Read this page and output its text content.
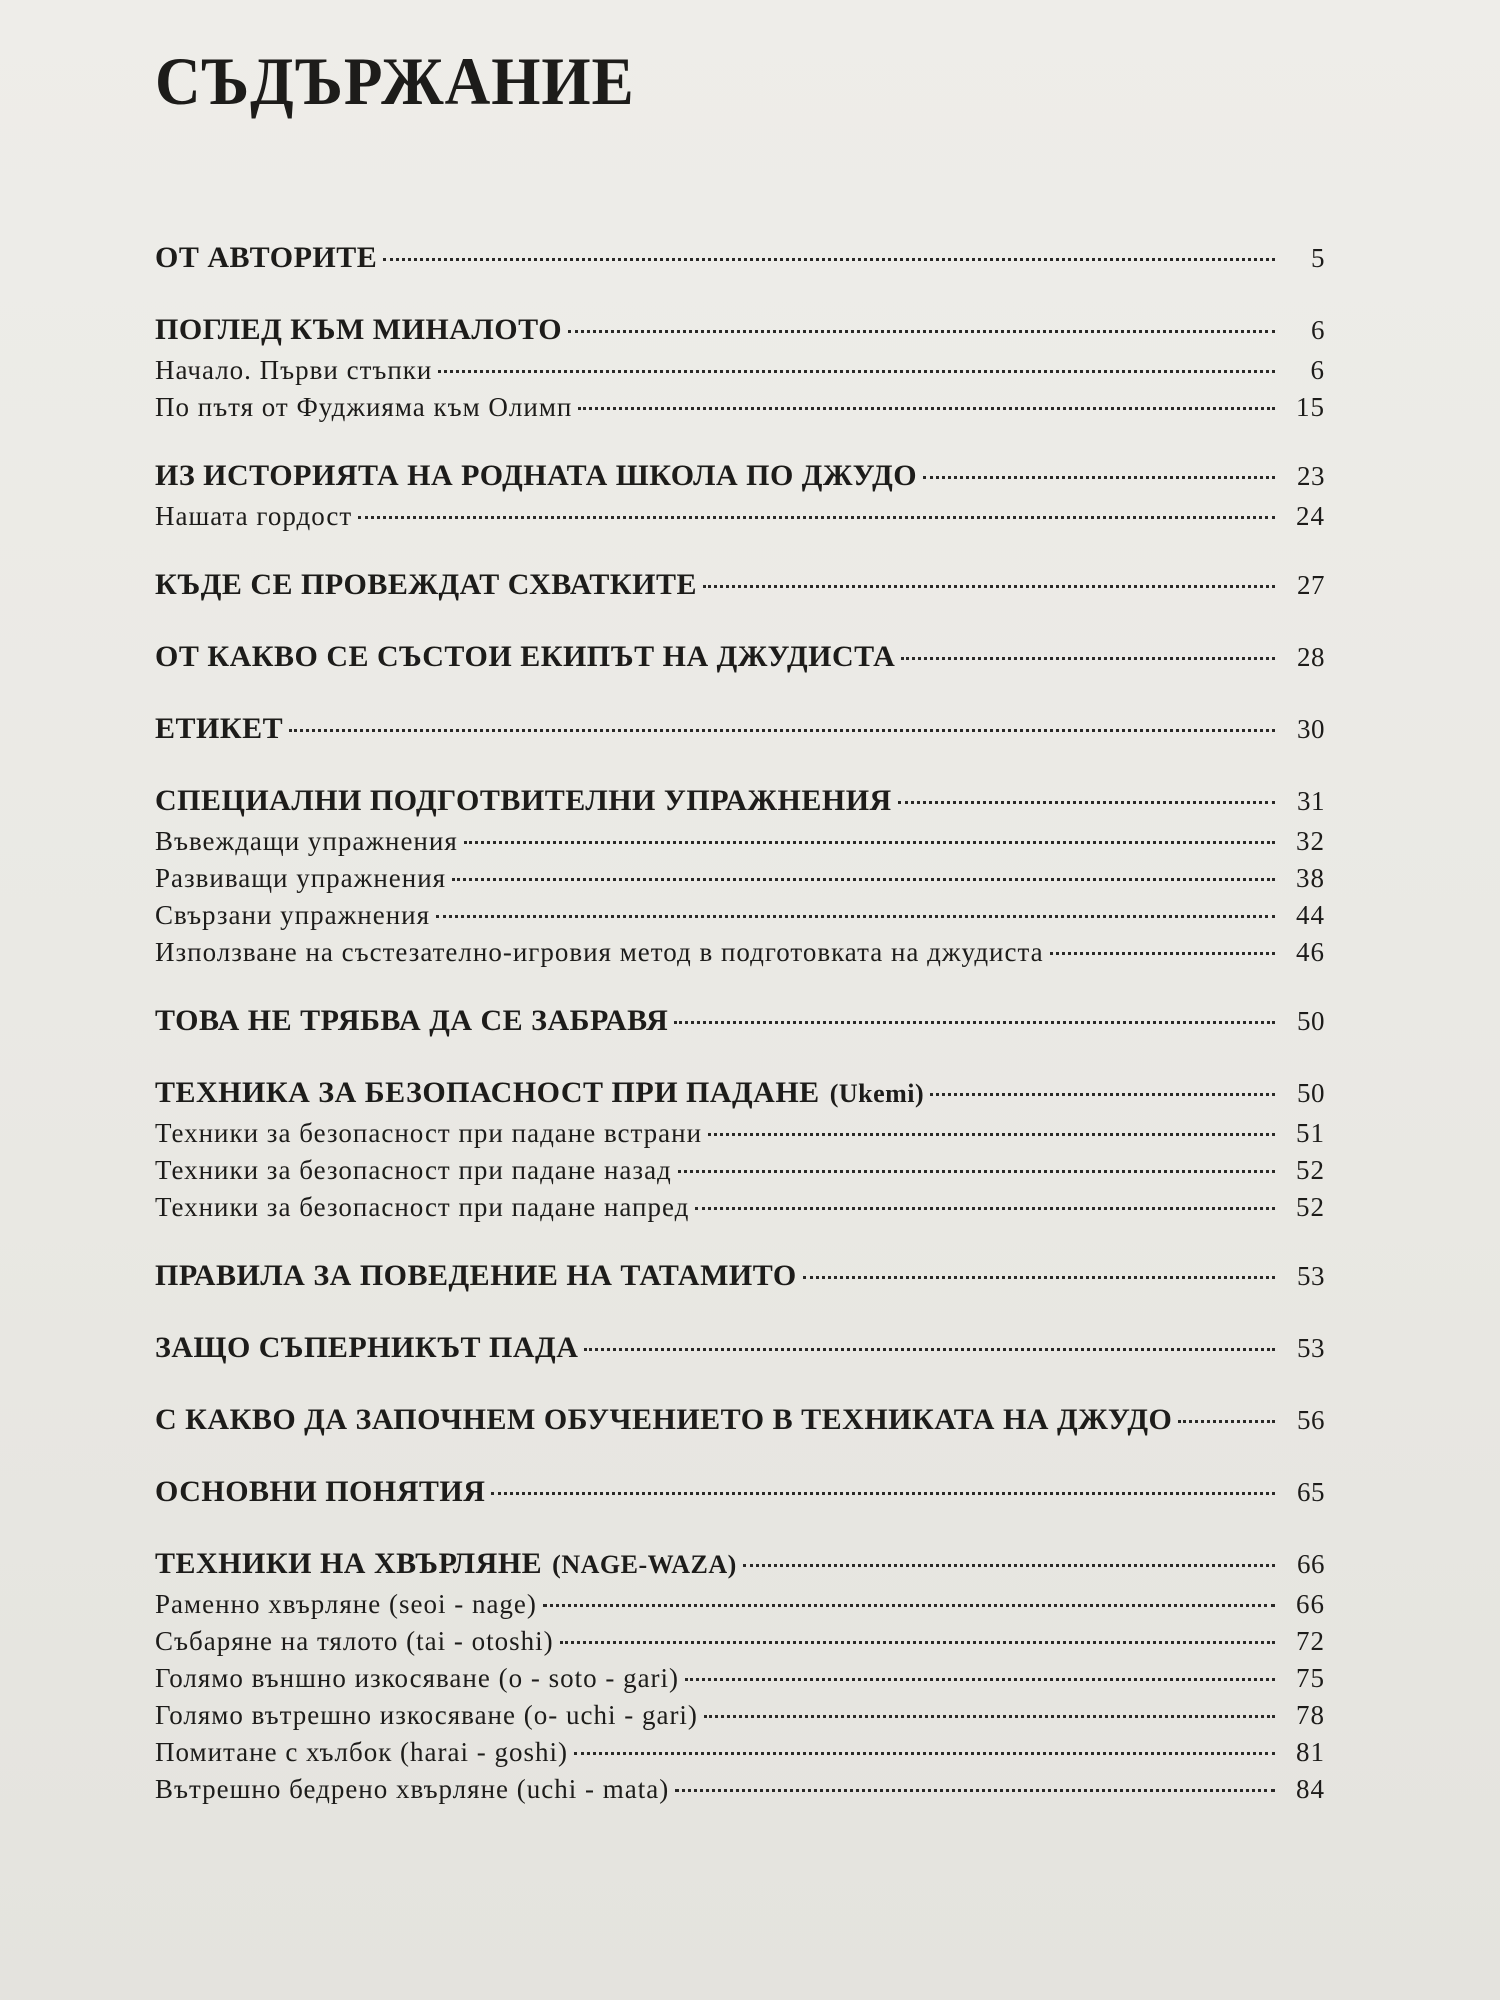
СЪДЪРЖАНИЕ
ОТ АВТОРИТЕ	5
ПОГЛЕД КЪМ МИНАЛОТО	6
Начало. Първи стъпки	6
По пътя от Фуджияма към Олимп	15
ИЗ ИСТОРИЯТА НА РОДНАТА ШКОЛА ПО ДЖУДО	23
Нашата гордост	24
КЪДЕ СЕ ПРОВЕЖДАТ СХВАТКИТЕ	27
ОТ КАКВО СЕ СЪСТОИ ЕКИПЪТ НА ДЖУДИСТА	28
ЕТИКЕТ	30
СПЕЦИАЛНИ ПОДГОТВИТЕЛНИ УПРАЖНЕНИЯ	31
Въвеждащи упражнения	32
Развиващи упражнения	38
Свързани упражнения	44
Използване на състезателно-игровия метод в подготовката на джудиста	46
ТОВА НЕ ТРЯБВА ДА СЕ ЗАБРАВЯ	50
ТЕХНИКА ЗА БЕЗОПАСНОСТ ПРИ ПАДАНЕ (Ukemi)	50
Техники за безопасност при падане встрани	51
Техники за безопасност при падане назад	52
Техники за безопасност при падане напред	52
ПРАВИЛА ЗА ПОВЕДЕНИЕ НА ТАТАМИТО	53
ЗАЩО СЪПЕРНИКЪТ ПАДА	53
С КАКВО ДА ЗАПОЧНЕМ ОБУЧЕНИЕТО В ТЕХНИКАТА НА ДЖУДО	56
ОСНОВНИ ПОНЯТИЯ	65
ТЕХНИКИ НА ХВЪРЛЯНЕ (NAGE-WAZA)	66
Раменно хвърляне (seoi - nage)	66
Събаряне на тялото (tai - otoshi)	72
Голямо външно изкосяване (o - soto - gari)	75
Голямо вътрешно изкосяване (o- uchi - gari)	78
Помитане с хълбок (harai - goshi)	81
Вътрешно бедрено хвърляне (uchi - mata)	84
